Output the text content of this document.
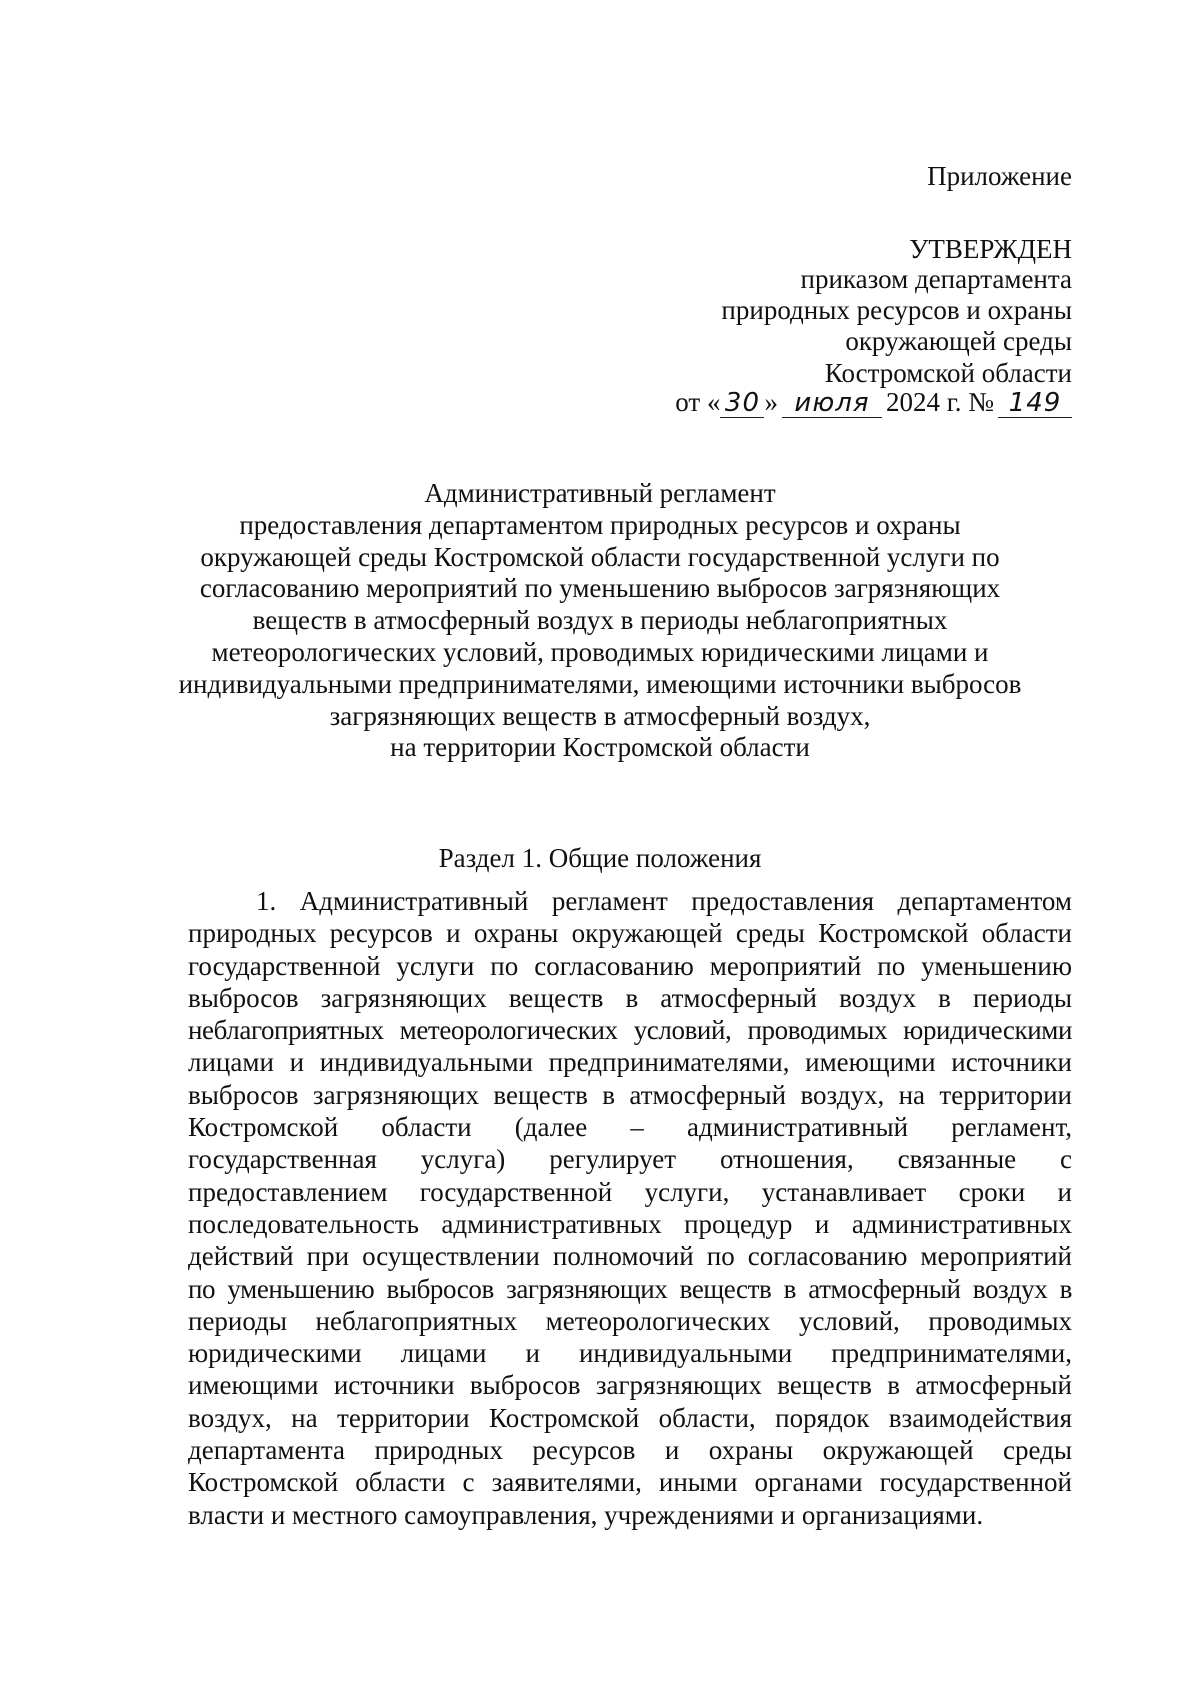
Приложение
УТВЕРЖДЕН
приказом департамента
природных ресурсов и охраны
окружающей среды
Костромской области
от « 30 » июля 2024 г. № 149
Административный регламент
предоставления департаментом природных ресурсов и охраны
окружающей среды Костромской области государственной услуги по
согласованию мероприятий по уменьшению выбросов загрязняющих
веществ в атмосферный воздух в периоды неблагоприятных
метеорологических условий, проводимых юридическими лицами и
индивидуальными предпринимателями, имеющими источники выбросов
загрязняющих веществ в атмосферный воздух,
на территории Костромской области
Раздел 1. Общие положения
1. Административный регламент предоставления департаментом
природных ресурсов и охраны окружающей среды Костромской области
государственной услуги по согласованию мероприятий по уменьшению
выбросов загрязняющих веществ в атмосферный воздух в периоды
неблагоприятных метеорологических условий, проводимых юридическими
лицами и индивидуальными предпринимателями, имеющими источники
выбросов загрязняющих веществ в атмосферный воздух, на территории
Костромской области (далее – административный регламент,
государственная услуга) регулирует отношения, связанные с
предоставлением государственной услуги, устанавливает сроки и
последовательность административных процедур и административных
действий при осуществлении полномочий по согласованию мероприятий
по уменьшению выбросов загрязняющих веществ в атмосферный воздух в
периоды неблагоприятных метеорологических условий, проводимых
юридическими лицами и индивидуальными предпринимателями,
имеющими источники выбросов загрязняющих веществ в атмосферный
воздух, на территории Костромской области, порядок взаимодействия
департамента природных ресурсов и охраны окружающей среды
Костромской области с заявителями, иными органами государственной
власти и местного самоуправления, учреждениями и организациями.
